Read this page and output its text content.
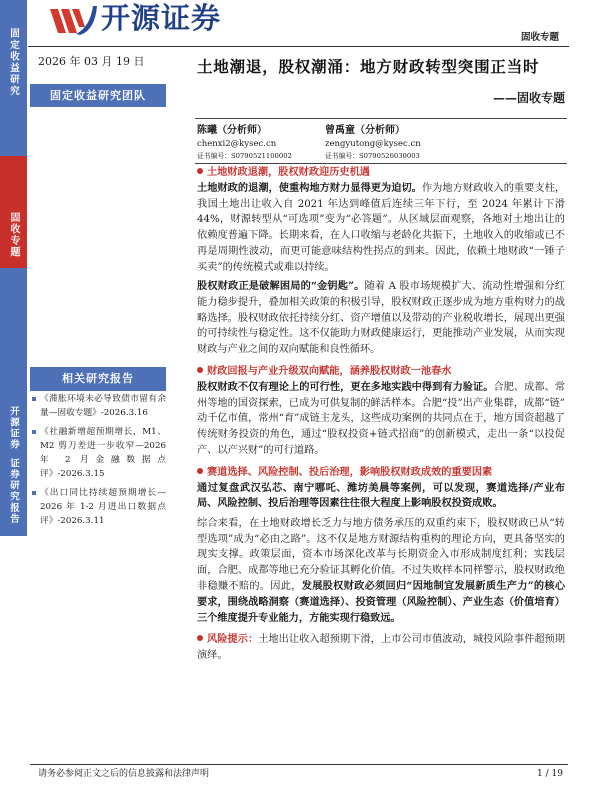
固定收益研究
固收专题
开源证券
证券研究报告
开源证券
固收专题
2026 年 03 月 19 日
固定收益研究团队
相关研究报告
《滞胀环境未必导致债市留有余量—固收专题》-2026.3.16
《社融新增超预期增长，M1、M2 剪刀差进一步收窄—2026 年 2 月金融数据点评》-2026.3.15
《出口同比持续超预期增长—2026 年 1-2 月进出口数据点评》-2026.3.11
土地潮退，股权潮涌：地方财政转型突围正当时
——固收专题
陈曦（分析师）
chenxi2@kysec.cn
证书编号：S0790521100002
曾禹童（分析师）
zengyutong@kysec.cn
证书编号：S0790526030003
土地财政退潮，股权财政迎历史机遇

土地财政的退潮，使重构地方财力显得更为迫切。作为地方财政收入的重要支柱，我国土地出让收入自 2021 年达到峰值后连续三年下行，至 2024 年累计下滑 44%，财源转型从“可选项”变为“必答题”。从区域层面观察，各地对土地出让的依赖度普遍下降。长期来看，在人口收缩与老龄化共振下，土地收入的收缩或已不再是周期性波动，而更可能意味结构性拐点的到来。因此，依赖土地财政“一锤子买卖”的传统模式或难以持续。

股权财政正是破解困局的“金钥匙”。随着 A 股市场规模扩大、流动性增强和分红能力稳步提升，叠加相关政策的积极引导，股权财政正逐步成为地方重构财力的战略选择。股权财政依托持续分红、资产增值以及带动的产业税收增长，展现出更强的可持续性与稳定性。这不仅能助力财政健康运行，更能推动产业发展，从而实现财政与产业之间的双向赋能和良性循环。

财政回报与产业升级双向赋能，涵养股权财政一池春水

股权财政不仅有理论上的可行性，更在多地实践中得到有力验证。合肥、成都、常州等地的国资探索，已成为可供复制的鲜活样本。合肥“投”出产业集群，成都“链”动千亿市值，常州“育”成链主龙头，这些成功案例的共同点在于，地方国资超越了传统财务投资的角色，通过“股权投资+链式招商”的创新模式，走出一条“以投促产、以产兴财”的可行道路。

赛道选择、风险控制、投后治理，影响股权财政成效的重要因素

通过复盘武汉弘芯、南宁哪吒、潍坊美晨等案例，可以发现，赛道选择/产业布局、风险控制、投后治理等因素往往很大程度上影响股权投资成败。

综合来看，在土地财政增长乏力与地方债务承压的双重约束下，股权财政已从“转型选项”成为“必由之路”。这不仅是地方财源结构重构的理论方向，更具备坚实的现实支撑。政策层面，资本市场深化改革与长期资金入市形成制度红利；实践层面，合肥、成都等地已充分验证其孵化价值。不过失败样本同样警示，股权财政绝非稳赚不赔的。因此，发展股权财政必须回归“因地制宜发展新质生产力”的核心要求，围绕战略洞察（赛道选择）、投资管理（风险控制）、产业生态（价值培育）三个维度提升专业能力，方能实现行稳致远。

风险提示：土地出让收入超预期下滑，上市公司市值波动，城投风险事件超预期演绎。

请务必参阅正文之后的信息披露和法律声明	1 / 19
